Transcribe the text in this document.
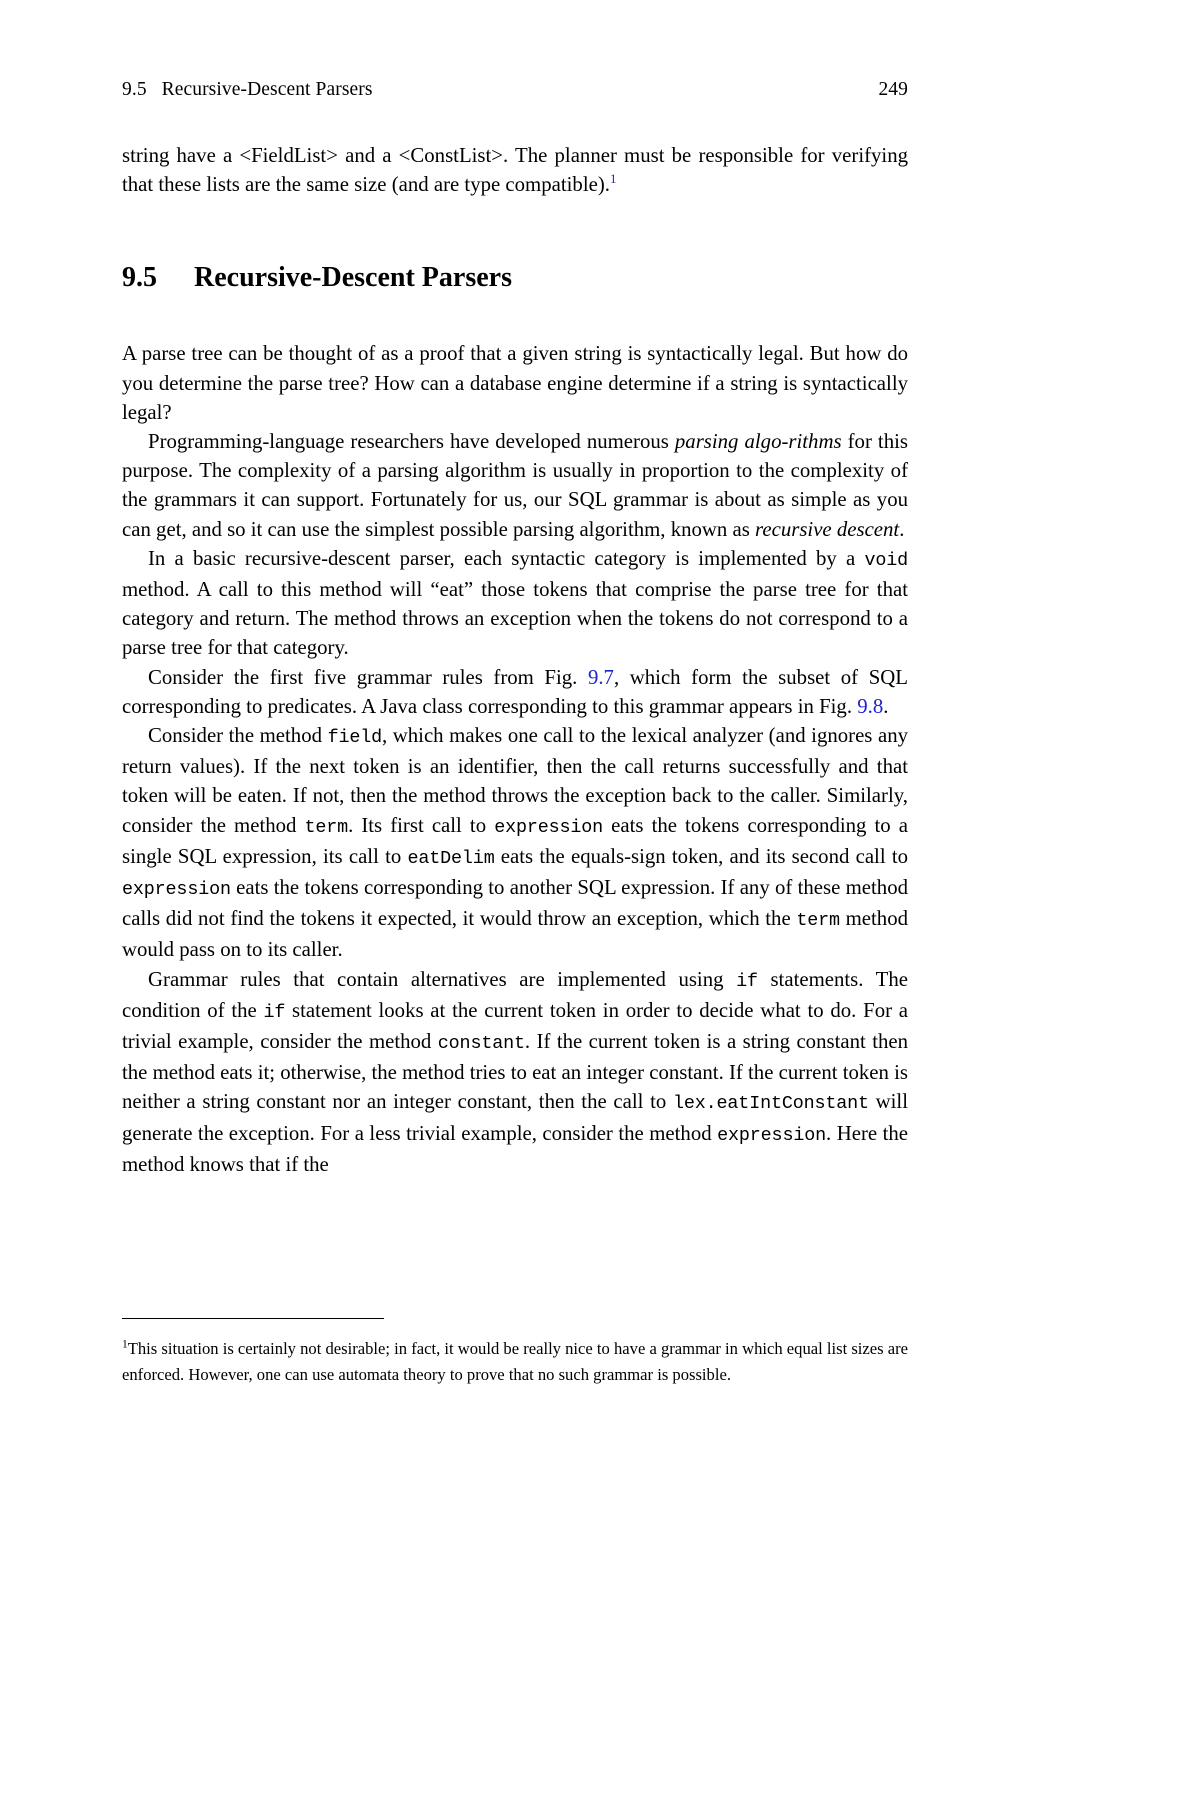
9.5   Recursive-Descent Parsers	249

string have a <FieldList> and a <ConstList>. The planner must be responsible for verifying that these lists are the same size (and are type compatible).$^1$

9.5 Recursive-Descent Parsers

A parse tree can be thought of as a proof that a given string is syntactically legal. But how do you determine the parse tree? How can a database engine determine if a string is syntactically legal?

Programming-language researchers have developed numerous parsing algo‐rithms for this purpose. The complexity of a parsing algorithm is usually in proportion to the complexity of the grammars it can support. Fortunately for us, our SQL grammar is about as simple as you can get, and so it can use the simplest possible parsing algorithm, known as recursive descent.

In a basic recursive-descent parser, each syntactic category is implemented by a void method. A call to this method will “eat” those tokens that comprise the parse tree for that category and return. The method throws an exception when the tokens do not correspond to a parse tree for that category.

Consider the first five grammar rules from Fig. 9.7, which form the subset of SQL corresponding to predicates. A Java class corresponding to this grammar appears in Fig. 9.8.

Consider the method field, which makes one call to the lexical analyzer (and ignores any return values). If the next token is an identifier, then the call returns successfully and that token will be eaten. If not, then the method throws the exception back to the caller. Similarly, consider the method term. Its first call to expression eats the tokens corresponding to a single SQL expression, its call to eatDelim eats the equals-sign token, and its second call to expression eats the tokens corresponding to another SQL expression. If any of these method calls did not find the tokens it expected, it would throw an exception, which the term method would pass on to its caller.

Grammar rules that contain alternatives are implemented using if statements. The condition of the if statement looks at the current token in order to decide what to do. For a trivial example, consider the method constant. If the current token is a string constant then the method eats it; otherwise, the method tries to eat an integer constant. If the current token is neither a string constant nor an integer constant, then the call to lex.eatIntConstant will generate the exception. For a less trivial example, consider the method expression. Here the method knows that if the

$^1$This situation is certainly not desirable; in fact, it would be really nice to have a grammar in which equal list sizes are enforced. However, one can use automata theory to prove that no such grammar is possible.
